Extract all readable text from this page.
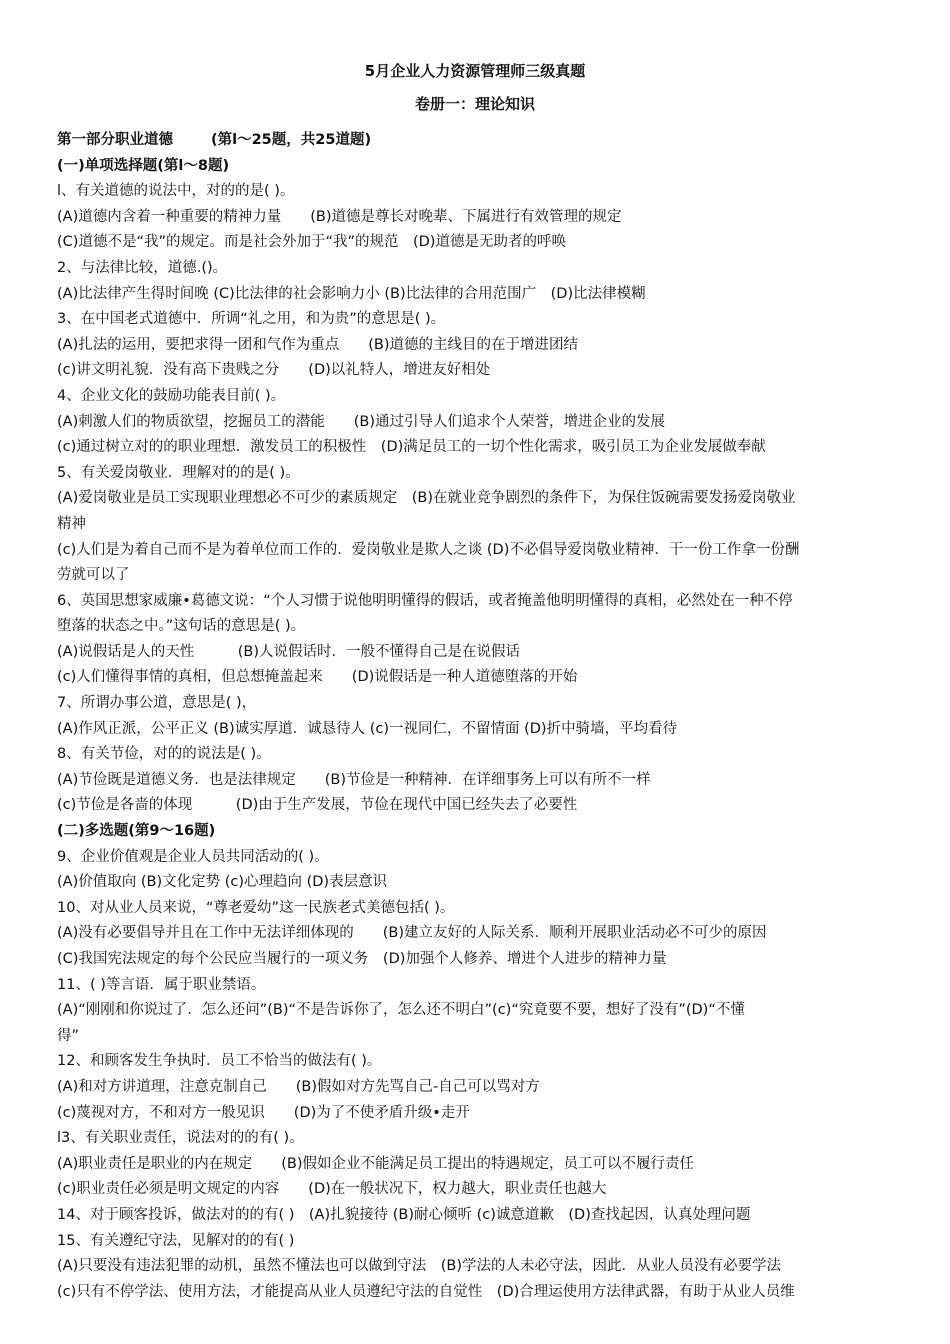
5月企业人力资源管理师三级真题
卷册一：理论知识
第一部分职业道德	(第l～25题，共25道题)
(一)单项选择题(第l～8题)
l、有关道德的说法中，对的的是( )。
(A)道德内含着一种重要的精神力量　　(B)道德是尊长对晚辈、下属进行有效管理的规定
(C)道德不是“我”的规定。而是社会外加于“我”的规范　(D)道德是无助者的呼唤
2、与法律比较，道德.()。
(A)比法律产生得时间晚 (C)比法律的社会影响力小 (B)比法律的合用范围广　(D)比法律模糊
3、在中国老式道德中．所调“礼之用，和为贵”的意思是( )。
(A)扎法的运用，要把求得一团和气作为重点　　(B)道德的主线目的在于增进团结
(c)讲文明礼貌．没有高下贵贱之分　　(D)以礼特人，增进友好相处
4、企业文化的鼓励功能表目前( )。
(A)刺激人们的物质欲望，挖掘员工的潜能　　(B)通过引导人们追求个人荣誉，增进企业的发展
(c)通过树立对的的职业理想．激发员工的积极性　(D)满足员工的一切个性化需求，吸引员工为企业发展做奉献
5、有关爱岗敬业．理解对的的是( )。
(A)爱岗敬业是员工实现职业理想必不可少的素质规定　(B)在就业竞争剧烈的条件下，为保住饭碗需要发扬爱岗敬业
精神
(c)人们是为着自己而不是为着单位而工作的．爱岗敬业是欺人之谈 (D)不必倡导爱岗敬业精神．干一份工作拿一份酬
劳就可以了
6、英国思想家威廉•葛德文说：“个人习惯于说他明明懂得的假话，或者掩盖他明明懂得的真相，必然处在一种不停
堕落的状态之中。”这句话的意思是( )。
(A)说假话是人的天性　　　(B)人说假话时．一般不懂得自己是在说假话
(c)人们懂得事情的真相，但总想掩盖起来　　(D)说假话是一种人道德堕落的开始
7、所谓办事公道，意思是( )，
(A)作风正派，公平正义 (B)诚实厚道．诚恳待人 (c)一视同仁，不留情面 (D)折中骑墙，平均看待
8、有关节俭，对的的说法是( )。
(A)节俭既是道德义务．也是法律规定　　(B)节俭是一种精神．在详细事务上可以有所不一样
(c)节俭是各啬的体现　　　(D)由于生产发展，节俭在现代中国已经失去了必要性
(二)多选题(第9～16题)
9、企业价值观是企业人员共同活动的( )。
(A)价值取向 (B)文化定势 (c)心理趋向 (D)表层意识
10、对从业人员来说，“尊老爱幼”这一民族老式美德包括( )。
(A)没有必要倡导并且在工作中无法详细体现的　　(B)建立友好的人际关系．顺利开展职业活动必不可少的原因
(C)我国宪法规定的每个公民应当履行的一项义务　(D)加强个人修养、增进个人进步的精神力量
11、( )等言语．属于职业禁语。
(A)“刚刚和你说过了．怎么还问”(B)“不是告诉你了，怎么还不明白”(c)“究竟要不要，想好了没有”(D)“不懂
得”
12、和顾客发生争执时．员工不恰当的做法有( )。
(A)和对方讲道理，注意克制自己　　(B)假如对方先骂自己-自己可以骂对方
(c)蔑视对方，不和对方一般见识　　(D)为了不使矛盾升级•走开
l3、有关职业责任，说法对的的有( )。
(A)职业责任是职业的内在规定　　(B)假如企业不能满足员工提出的特遇规定，员工可以不履行责任
(c)职业责任必须是明文规定的内容　　(D)在一般状况下，权力越大，职业责任也越大
14、对于顾客投诉，做法对的的有( )　(A)扎貌接待 (B)耐心倾听 (c)诚意道歉　(D)查找起因，认真处理问题
15、有关遵纪守法，见解对的的有( )
(A)只要没有违法犯罪的动机，虽然不懂法也可以做到守法　(B)学法的人未必守法，因此．从业人员没有必要学法
(c)只有不停学法、使用方法，才能提高从业人员遵纪守法的自觉性　(D)合理运使用方法律武器，有助于从业人员维
